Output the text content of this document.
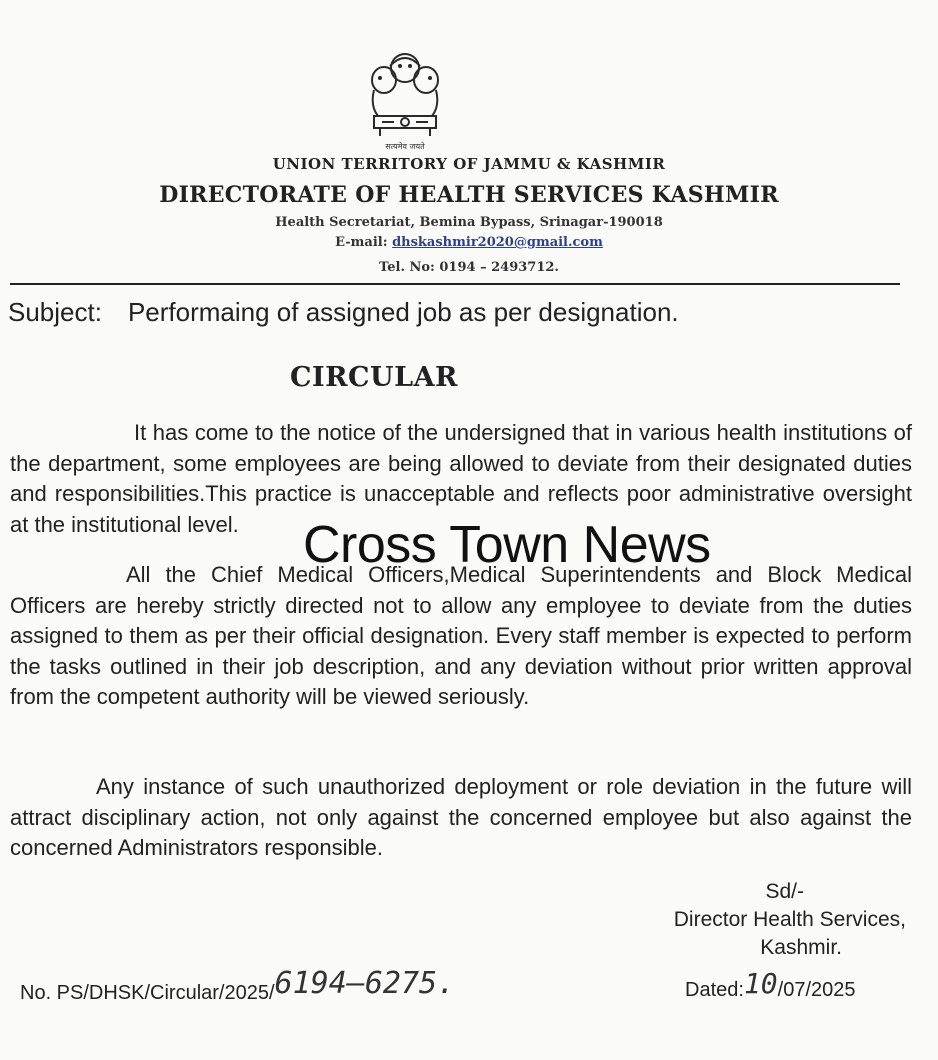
सत्यमेव जयते
UNION TERRITORY OF JAMMU & KASHMIR
DIRECTORATE OF HEALTH SERVICES KASHMIR
Health Secretariat, Bemina Bypass, Srinagar-190018
E-mail: dhskashmir2020@gmail.com
Tel. No: 0194 – 2493712.
Subject: Performaing of assigned job as per designation.
CIRCULAR

It has come to the notice of the undersigned that in various health institutions of the department, some employees are being allowed to deviate from their designated duties and responsibilities.This practice is unacceptable and reflects poor administrative oversight at the institutional level.

All the Chief Medical Officers,Medical Superintendents and Block Medical Officers are hereby strictly directed not to allow any employee to deviate from the duties assigned to them as per their official designation. Every staff member is expected to perform the tasks outlined in their job description, and any deviation without prior written approval from the competent authority will be viewed seriously.

Any instance of such unauthorized deployment or role deviation in the future will attract disciplinary action, not only against the concerned employee but also against the concerned Administrators responsible.

Cross Town News
Sd/-
Director Health Services,
Kashmir.
No. PS/DHSK/Circular/2025/6194–6275.	Dated:10/07/2025
